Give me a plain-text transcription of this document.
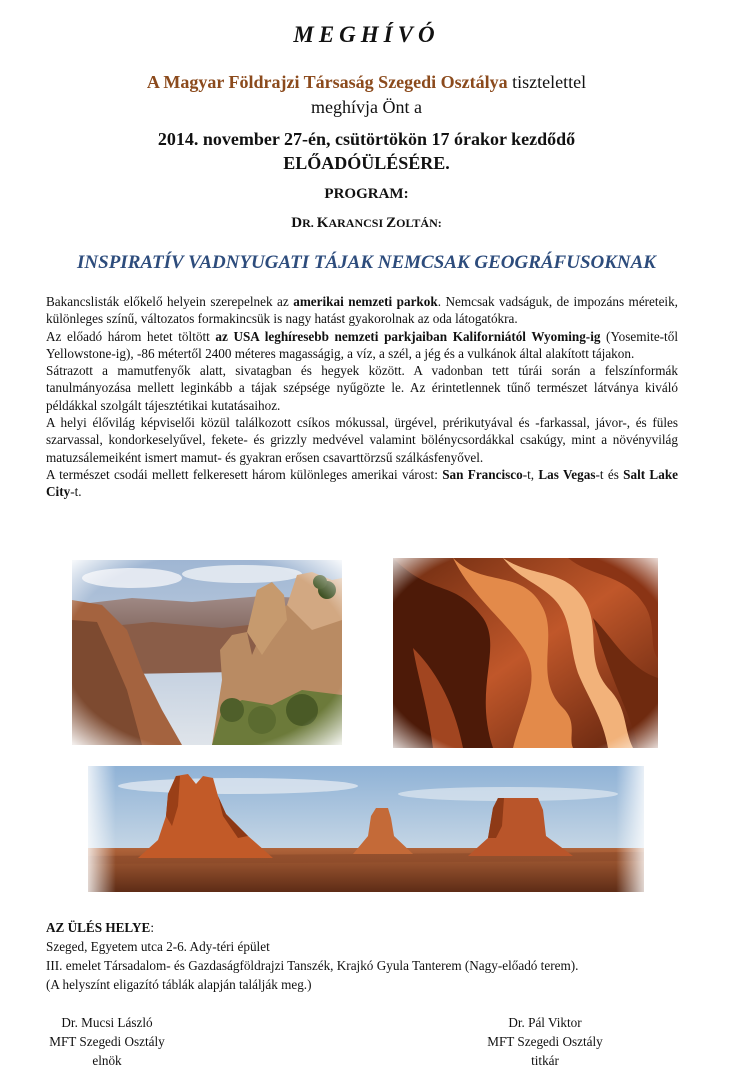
MEGHÍVÓ
A Magyar Földrajzi Társaság Szegedi Osztálya tisztelettel
meghívja Önt a
2014. november 27-én, csütörtökön 17 órakor kezdődő
ELŐADÓÜLÉSÉRE.
PROGRAM:
DR. KARANCSI ZOLTÁN:
INSPIRATÍV VADNYUGATI TÁJAK NEMCSAK GEOGRÁFUSOKNAK

Bakancslisták előkelő helyein szerepelnek az amerikai nemzeti parkok. Nemcsak vadságuk, de impozáns méreteik, különleges színű, változatos formakincsük is nagy hatást gyakorolnak az oda látogatókra.

Az előadó három hetet töltött az USA leghíresebb nemzeti parkjaiban Kaliforniától Wyoming-ig (Yosemite-től Yellowstone-ig), -86 métertől 2400 méteres magasságig, a víz, a szél, a jég és a vulkánok által alakított tájakon.

Sátrazott a mamutfenyők alatt, sivatagban és hegyek között. A vadonban tett túrái során a felszínformák tanulmányozása mellett leginkább a tájak szépsége nyűgözte le. Az érintetlennek tűnő természet látványa kiváló példákkal szolgált tájesztétikai kutatásaihoz.

A helyi élővilág képviselői közül találkozott csíkos mókussal, ürgével, prérikutyával és -farkassal, jávor-, és füles szarvassal, kondorkeselyűvel, fekete- és grizzly medvével valamint bölénycsordákkal csakúgy, mint a növényvilág matuzsálemeiként ismert mamut- és gyakran erősen csavarttörzsű szálkásfenyővel.

A természet csodái mellett felkeresett három különleges amerikai várost: San Francisco-t, Las Vegas-t és Salt Lake City-t.

AZ ÜLÉS HELYE:

Szeged, Egyetem utca 2-6. Ady-téri épület

III. emelet Társadalom- és Gazdaságföldrajzi Tanszék, Krajkó Gyula Tanterem (Nagy-előadó terem).

(A helyszínt eligazító táblák alapján találják meg.)

Dr. Mucsi László

MFT Szegedi Osztály

elnök

Dr. Pál Viktor

MFT Szegedi Osztály

titkár
